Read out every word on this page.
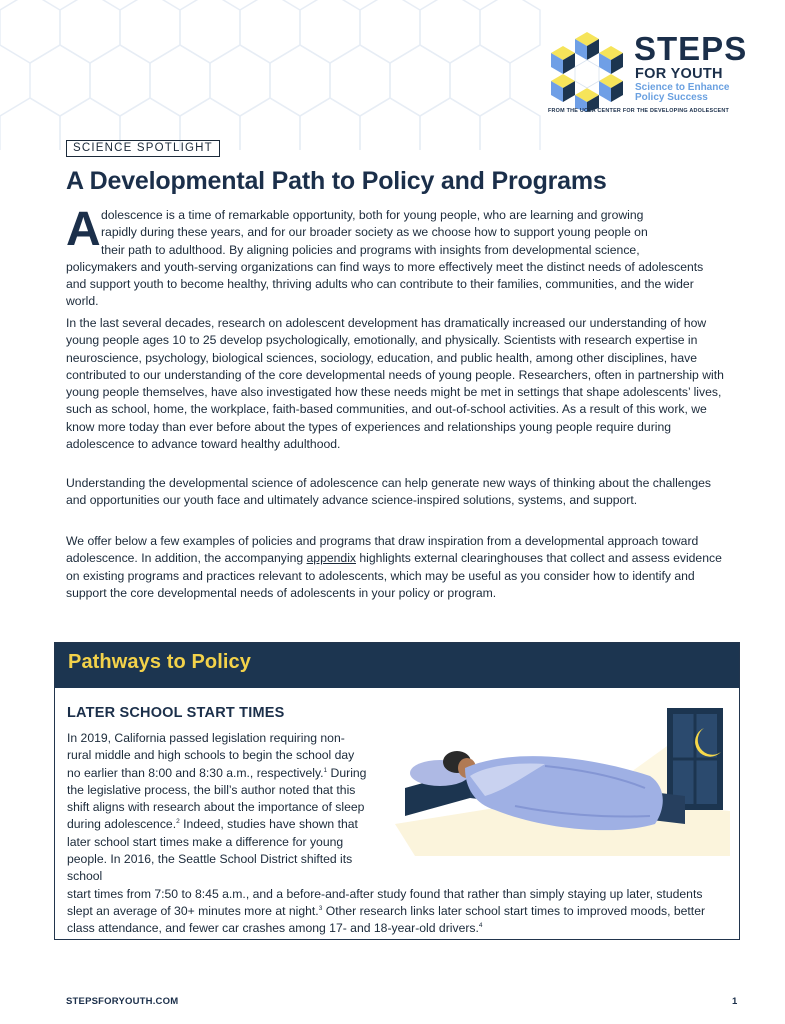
STEPS
FOR YOUTH
Science to Enhance Policy Success
FROM THE UCLA CENTER FOR THE DEVELOPING ADOLESCENT
SCIENCE SPOTLIGHT
A Developmental Path to Policy and Programs
A dolescence is a time of remarkable opportunity, both for young people, who are learning and growing
rapidly during these years, and for our broader society as we choose how to support young people on
their path to adulthood. By aligning policies and programs with insights from developmental science,
policymakers and youth-serving organizations can find ways to more effectively meet the distinct needs of adolescents and support youth to become healthy, thriving adults who can contribute to their families, communities, and the wider world.
In the last several decades, research on adolescent development has dramatically increased our understanding of how young people ages 10 to 25 develop psychologically, emotionally, and physically. Scientists with research expertise in neuroscience, psychology, biological sciences, sociology, education, and public health, among other disciplines, have contributed to our understanding of the core developmental needs of young people. Researchers, often in partnership with young people themselves, have also investigated how these needs might be met in settings that shape adolescents’ lives, such as school, home, the workplace, faith-based communities, and out-of-school activities. As a result of this work, we know more today than ever before about the types of experiences and relationships young people require during adolescence to advance toward healthy adulthood.
Understanding the developmental science of adolescence can help generate new ways of thinking about the challenges and opportunities our youth face and ultimately advance science-inspired solutions, systems, and support.
We offer below a few examples of policies and programs that draw inspiration from a developmental approach toward adolescence. In addition, the accompanying appendix highlights external clearinghouses that collect and assess evidence on existing programs and practices relevant to adolescents, which may be useful as you consider how to identify and support the core developmental needs of adolescents in your policy or program.
Pathways to Policy
LATER SCHOOL START TIMES
In 2019, California passed legislation requiring non-rural middle and high schools to begin the school day no earlier than 8:00 and 8:30 a.m., respectively.$^1$ During the legislative process, the bill’s author noted that this shift aligns with research about the importance of sleep during adolescence.$^2$ Indeed, studies have shown that later school start times make a difference for young people. In 2016, the Seattle School District shifted its school
start times from 7:50 to 8:45 a.m., and a before-and-after study found that rather than simply staying up later, students slept an average of 30+ minutes more at night.$^3$ Other research links later school start times to improved moods, better class attendance, and fewer car crashes among 17- and 18-year-old drivers.$^4$
STEPSFORYOUTH.COM	1
